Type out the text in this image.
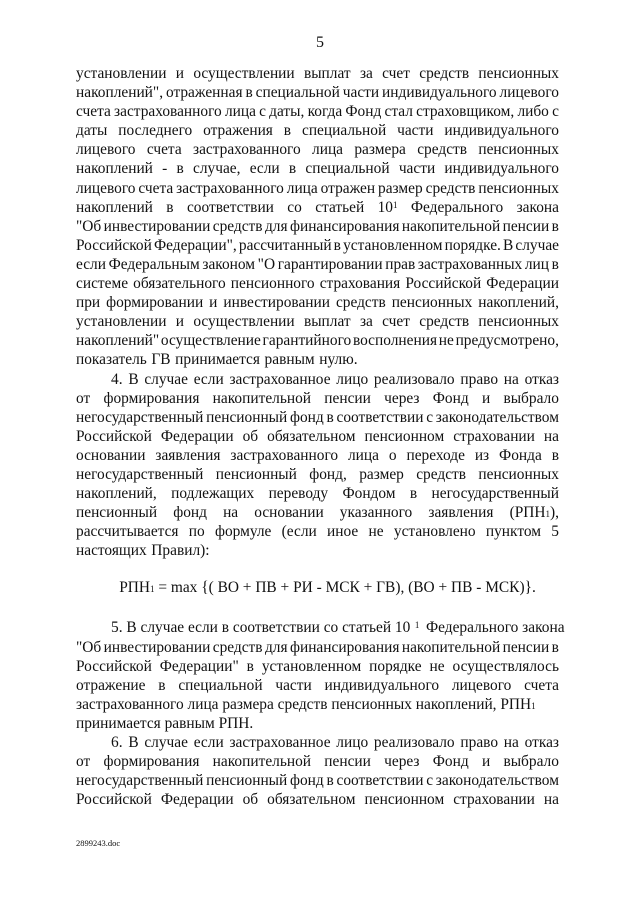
5
установлении и осуществлении выплат за счет средств пенсионных
накоплений", отраженная в специальной части индивидуального лицевого
счета застрахованного лица с даты, когда Фонд стал страховщиком, либо с
даты последнего отражения в специальной части индивидуального
лицевого счета застрахованного лица размера средств пенсионных
накоплений - в случае, если в специальной части индивидуального
лицевого счета застрахованного лица отражен размер средств пенсионных
накоплений в соответствии со статьей $10^1$ Федерального закона
"Об инвестировании средств для финансирования накопительной пенсии в
Российской Федерации", рассчитанный в установленном порядке. В случае
если Федеральным законом "О гарантировании прав застрахованных лиц в
системе обязательного пенсионного страхования Российской Федерации
при формировании и инвестировании средств пенсионных накоплений,
установлении и осуществлении выплат за счет средств пенсионных
накоплений" осуществление гарантийного восполнения не предусмотрено,
показатель ГВ принимается равным нулю.
4. В случае если застрахованное лицо реализовало право на отказ
от формирования накопительной пенсии через Фонд и выбрало
негосударственный пенсионный фонд в соответствии с законодательством
Российской Федерации об обязательном пенсионном страховании на
основании заявления застрахованного лица о переходе из Фонда в
негосударственный пенсионный фонд, размер средств пенсионных
накоплений, подлежащих переводу Фондом в негосударственный
пенсионный фонд на основании указанного заявления (РПН1),
рассчитывается по формуле (если иное не установлено пунктом 5
настоящих Правил):
РПН1 = max {( ВО + ПВ + РИ - МСК + ГВ), (ВО + ПВ - МСК)}.
5. В случае если в соответствии со статьей 10 $^1$ Федерального закона
"Об инвестировании средств для финансирования накопительной пенсии в
Российской Федерации" в установленном порядке не осуществлялось
отражение в специальной части индивидуального лицевого счета
застрахованного лица размера средств пенсионных накоплений, РПН1
принимается равным РПН.
6. В случае если застрахованное лицо реализовало право на отказ
от формирования накопительной пенсии через Фонд и выбрало
негосударственный пенсионный фонд в соответствии с законодательством
Российской Федерации об обязательном пенсионном страховании на
2899243.doc
